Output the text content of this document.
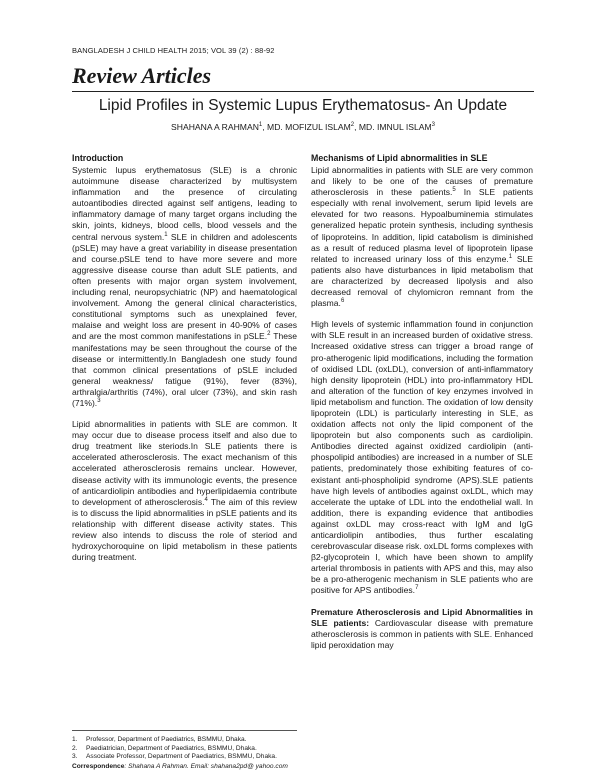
BANGLADESH J CHILD HEALTH 2015; VOL 39 (2) : 88-92
Review Articles
Lipid Profiles in Systemic Lupus Erythematosus- An Update
SHAHANA A RAHMAN$^1$, MD. MOFIZUL ISLAM$^2$, MD. IMNUL ISLAM$^3$
Introduction

Systemic lupus erythematosus (SLE) is a chronic autoimmune disease characterized by multisystem inflammation and the presence of circulating autoantibodies directed against self antigens, leading to inflammatory damage of many target organs including the skin, joints, kidneys, blood cells, blood vessels and the central nervous system.$^1$ SLE in children and adolescents (pSLE) may have a great variability in disease presentation and course.pSLE tend to have more severe and more aggressive disease course than adult SLE patients, and often presents with major organ system involvement, including renal, neuropsychiatric (NP) and haematological involvement. Among the general clinical characteristics, constitutional symptoms such as unexplained fever, malaise and weight loss are present in 40-90% of cases and are the most common manifestations in pSLE.$^2$ These manifestations may be seen throughout the course of the disease or intermittently.In Bangladesh one study found that common clinical presentations of pSLE included general weakness/ fatigue (91%), fever (83%), arthralgia/arthritis (74%), oral ulcer (73%), and skin rash (71%).$^3$

Lipid abnormalities in patients with SLE are common. It may occur due to disease process itself and also due to drug treatment like steriods.In SLE patients there is accelerated atherosclerosis. The exact mechanism of this accelerated atherosclerosis remains unclear. However, disease activity with its immunologic events, the presence of anticardiolipin antibodies and hyperlipidaemia contribute to development of atherosclerosis.$^4$ The aim of this review is to discuss the lipid abnormalities in pSLE patients and its relationship with different disease activity states. This review also intends to discuss the role of steriod and hydroxychoroquine on lipid metabolism in these patients during treatment.

Mechanisms of Lipid abnormalities in SLE

Lipid abnormalities in patients with SLE are very common and likely to be one of the causes of premature atherosclerosis in these patients.$^5$ In SLE patients especially with renal involvement, serum lipid levels are elevated for two reasons. Hypoalbuminemia stimulates generalized hepatic protein synthesis, including synthesis of lipoproteins. In addition, lipid catabolism is diminished as a result of reduced plasma level of lipoprotein lipase related to increased urinary loss of this enzyme.$^1$ SLE patients also have disturbances in lipid metabolism that are characterized by decreased lipolysis and also decreased removal of chylomicron remnant from the plasma.$^6$

High levels of systemic inflammation found in conjunction with SLE result in an increased burden of oxidative stress. Increased oxidative stress can trigger a broad range of pro-atherogenic lipid modifications, including the formation of oxidised LDL (oxLDL), conversion of anti-inflammatory high density lipoprotein (HDL) into pro-inflammatory HDL and alteration of the function of key enzymes involved in lipid metabolism and function. The oxidation of low density lipoprotein (LDL) is particularly interesting in SLE, as oxidation affects not only the lipid component of the lipoprotein but also components such as cardiolipin. Antibodies directed against oxidized cardiolipin (anti-phospolipid antibodies) are increased in a number of SLE patients, predominately those exhibiting features of co-existant anti-phospholipid syndrome (APS).SLE patients have high levels of antibodies against oxLDL, which may accelerate the uptake of LDL into the endothelial wall. In addition, there is expanding evidence that antibodies against oxLDL may cross-react with IgM and IgG anticardiolipin antibodies, thus further escalating cerebrovascular disease risk. oxLDL forms complexes with β2-glycoprotein I, which have been shown to amplify arterial thrombosis in patients with APS and this, may also be a pro-atherogenic mechanism in SLE patients who are positive for APS antibodies.$^7$

Premature Atherosclerosis and Lipid Abnormalities in SLE patients: Cardiovascular disease with premature atherosclerosis is common in patients with SLE. Enhanced lipid peroxidation may

1.	Professor, Department of Paediatrics, BSMMU, Dhaka.
2.	Paediatrician, Department of Paediatrics, BSMMU, Dhaka.
3.	Associate Professor, Department of Paediatrics, BSMMU, Dhaka.
Correspondence: Shahana A Rahman. Email: shahana2pd@ yahoo.com
